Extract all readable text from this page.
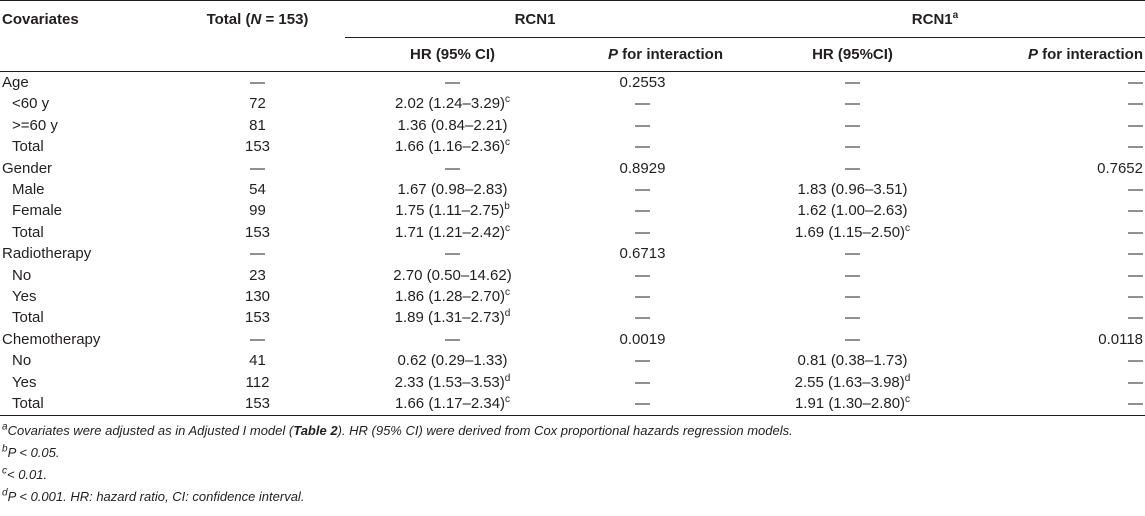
Covariates	Total (N = 153)	RCN1		RCN1$^a$
		HR (95% CI)	P for interaction	HR (95%CI)	P for interaction
Age	—	—	0.2553	—	—
<60 y	72	2.02 $(1.24-3.29)^c$	—	—	—
>=60 y	81	1.36 (0.84–2.21)	—	—	—
Total	153	1.66 $(1.16-2.36)^c$	—	—	—
Gender	—	—	0.8929	—	0.7652
Male	54	1.67 (0.98–2.83)	—	1.83 (0.96–3.51)	—
Female	99	1.75 $(1.11-2.75)^b$	—	1.62 (1.00–2.63)	—
Total	153	1.71 $(1.21-2.42)^c$	—	1.69 $(1.15-2.50)^c$	—
Radiotherapy	—	—	0.6713	—	—
No	23	2.70 (0.50–14.62)	—	—	—
Yes	130	1.86 $(1.28-2.70)^c$	—	—	—
Total	153	1.89 $(1.31-2.73)^d$	—	—	—
Chemotherapy	—	—	0.0019	—	0.0118
No	41	0.62 (0.29–1.33)	—	0.81 (0.38–1.73)	—
Yes	112	2.33 $(1.53-3.53)^d$	—	2.55 $(1.63-3.98)^d$	—
Total	153	1.66 $(1.17-2.34)^c$	—	1.91 $(1.30-2.80)^c$	—

$^a$Covariates were adjusted as in Adjusted I model (Table 2). HR (95% CI) were derived from Cox proportional hazards regression models.

$^b$P < 0.05.

$^c$< 0.01.

$^d$P < 0.001. HR: hazard ratio, CI: confidence interval.
